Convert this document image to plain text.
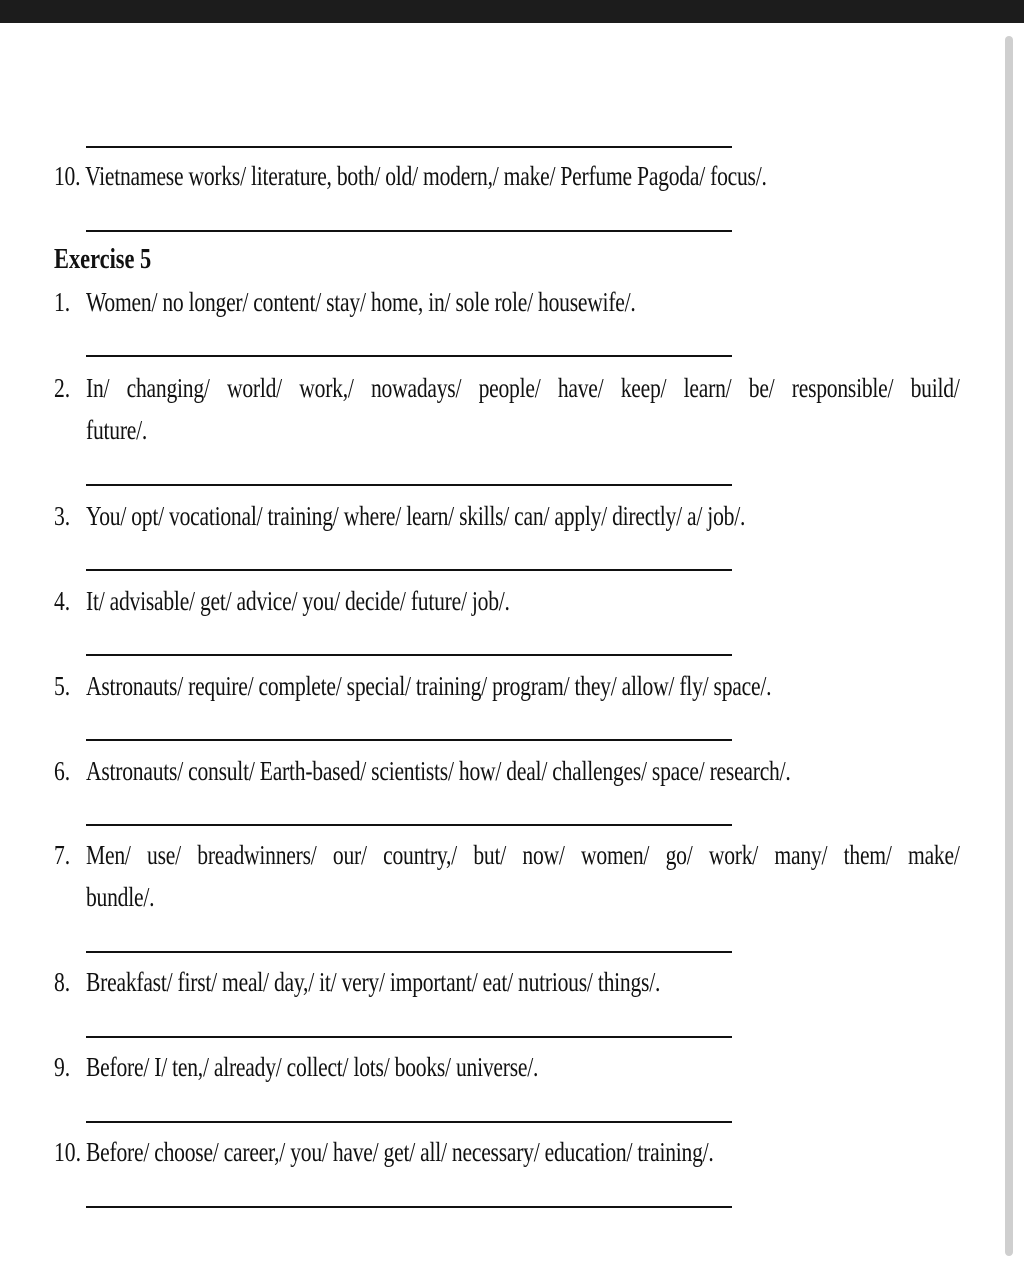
10. Vietnamese works/ literature, both/ old/ modern,/ make/ Perfume Pagoda/ focus/.
Exercise 5
1. Women/ no longer/ content/ stay/ home, in/ sole role/ housewife/.
2. In/ changing/ world/ work,/ nowadays/ people/ have/ keep/ learn/ be/ responsible/ build/
future/.
3. You/ opt/ vocational/ training/ where/ learn/ skills/ can/ apply/ directly/ a/ job/.
4. It/ advisable/ get/ advice/ you/ decide/ future/ job/.
5. Astronauts/ require/ complete/ special/ training/ program/ they/ allow/ fly/ space/.
6. Astronauts/ consult/ Earth-based/ scientists/ how/ deal/ challenges/ space/ research/.
7. Men/ use/ breadwinners/ our/ country,/ but/ now/ women/ go/ work/ many/ them/ make/
bundle/.
8. Breakfast/ first/ meal/ day,/ it/ very/ important/ eat/ nutrious/ things/.
9. Before/ I/ ten,/ already/ collect/ lots/ books/ universe/.
10. Before/ choose/ career,/ you/ have/ get/ all/ necessary/ education/ training/.
